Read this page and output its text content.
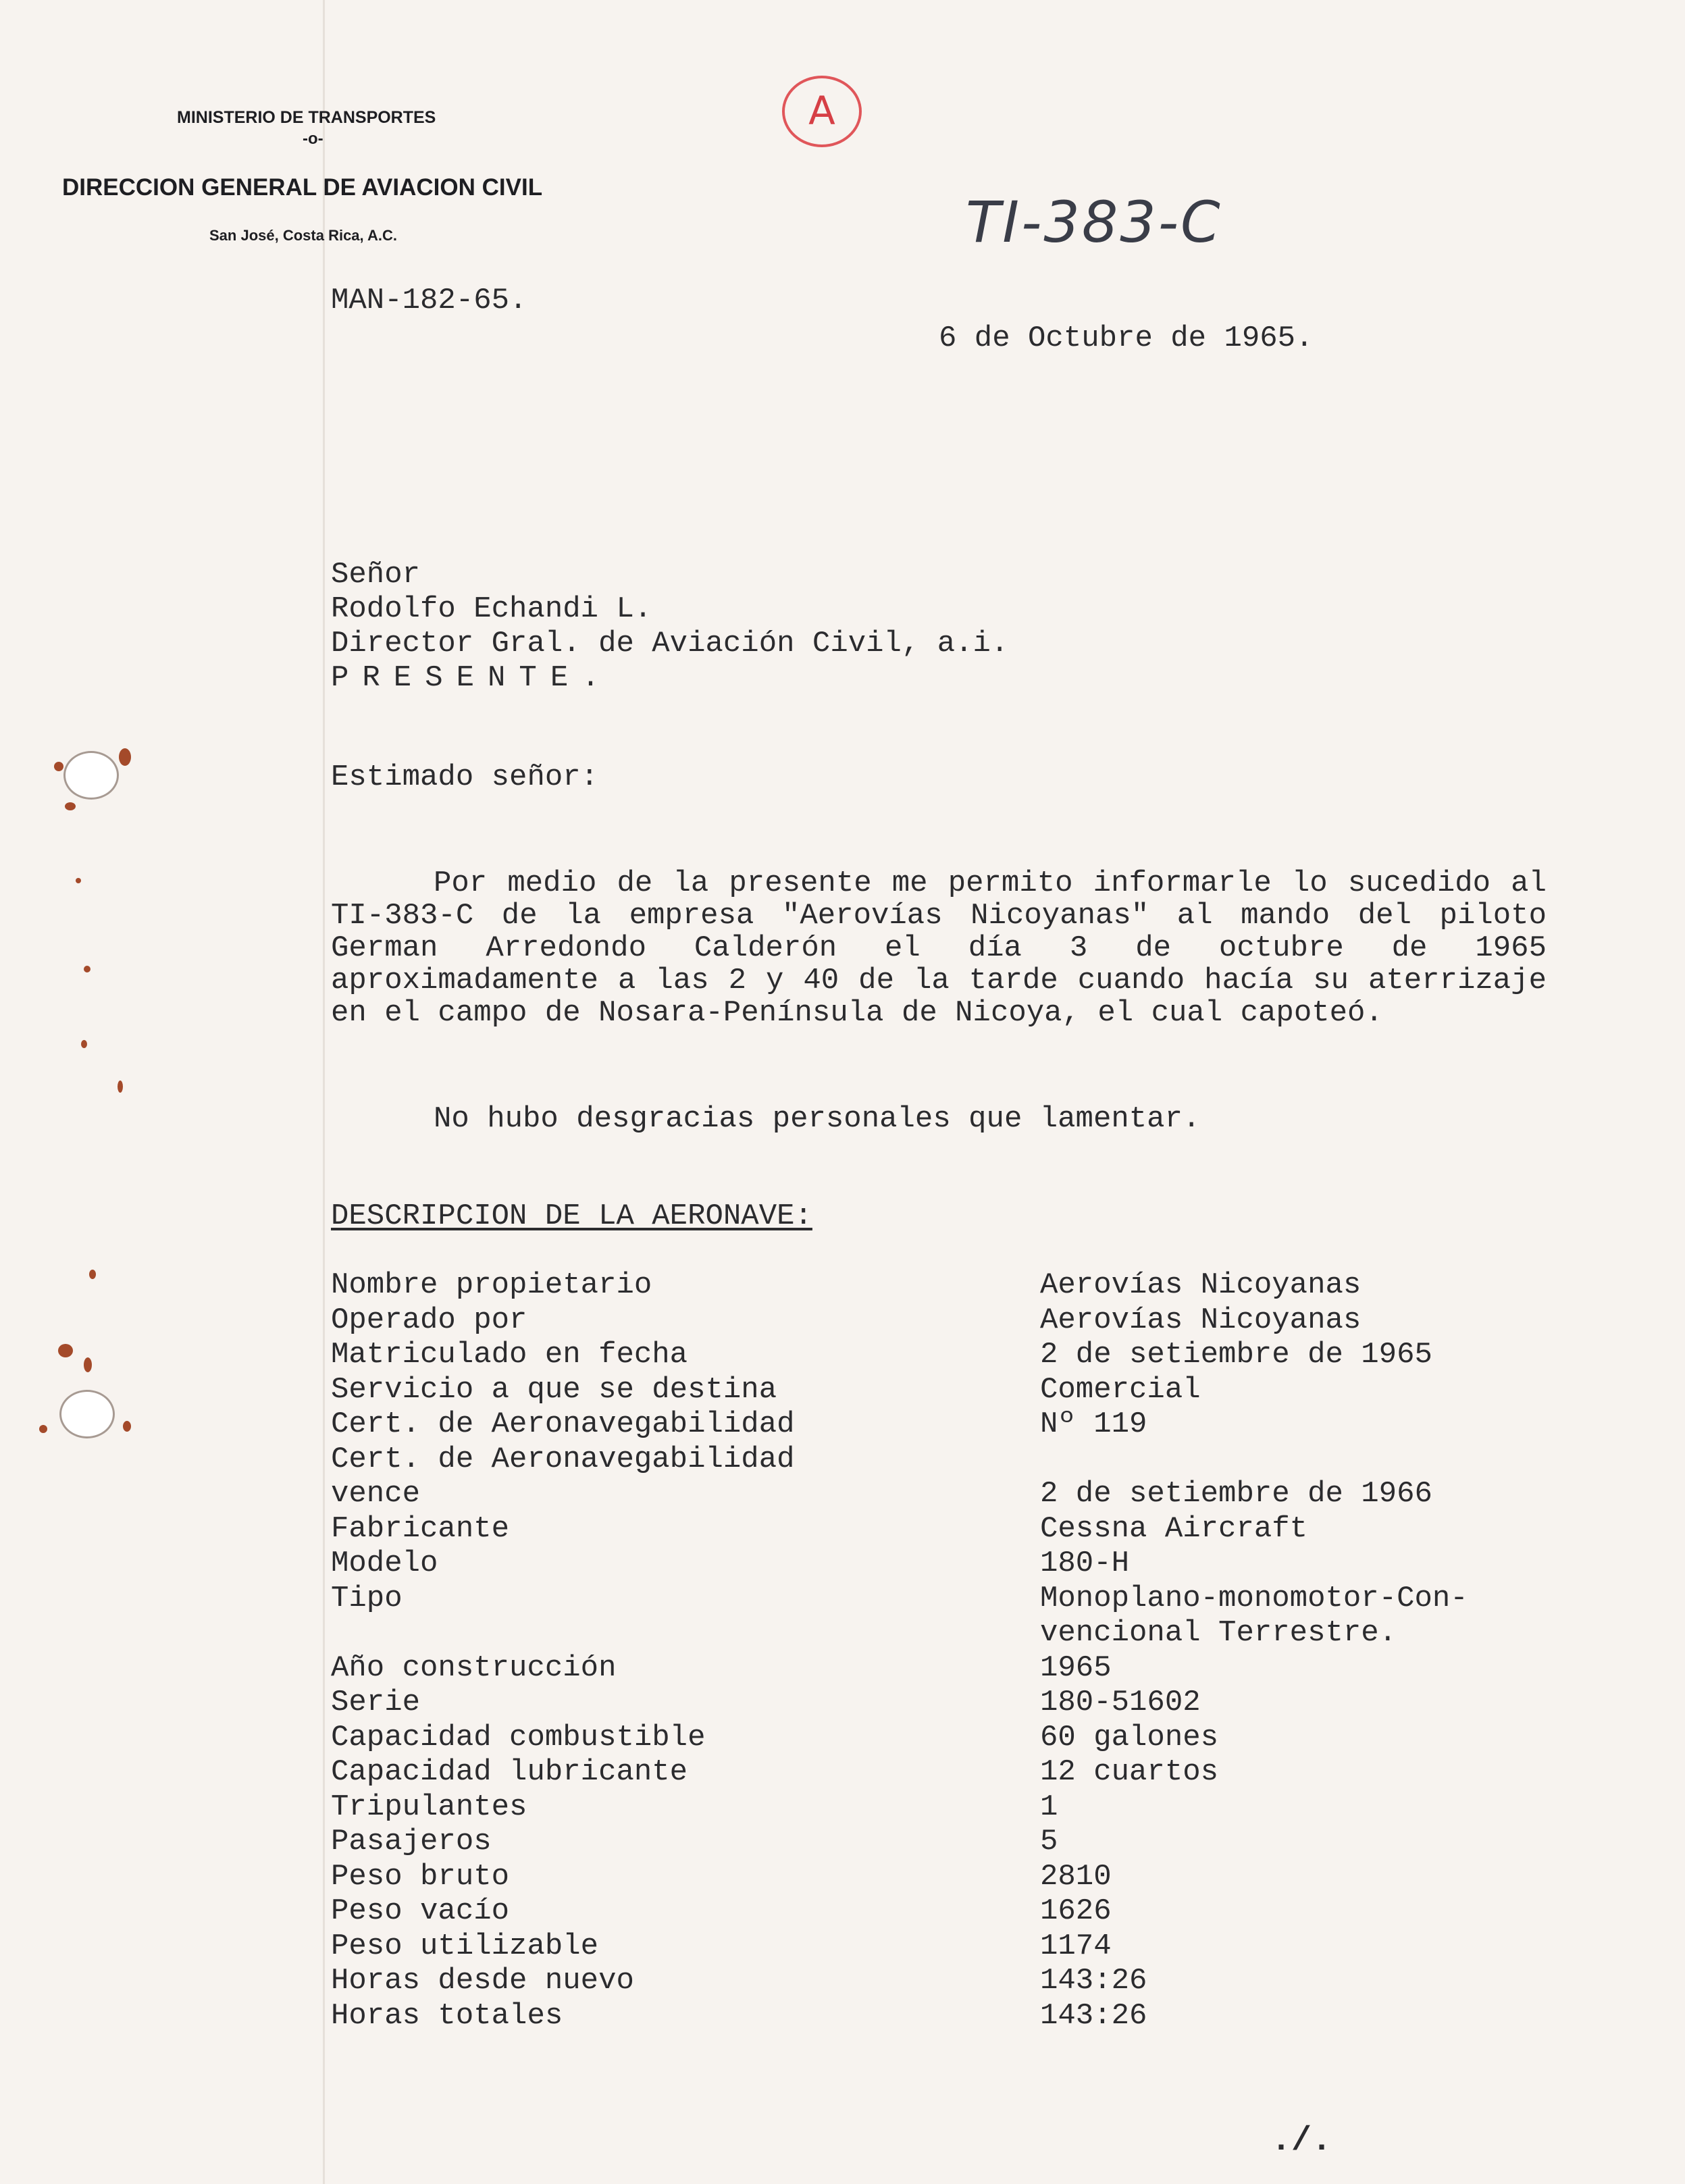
MINISTERIO DE TRANSPORTES
-o-
DIRECCION GENERAL DE AVIACION CIVIL
San José, Costa Rica, A.C.
A
TI-383-C
MAN-182-65.
6 de Octubre de 1965.
Señor
Rodolfo Echandi L.
Director Gral. de Aviación Civil, a.i.
PRESENTE.
Estimado señor:

Por medio de la presente me permito informarle lo sucedido al TI-383-C de la empresa "Aerovías Nicoyanas" al mando del piloto German Arredondo Calderón el día 3 de octubre de 1965 aproximadamente a las 2 y 40 de la tarde cuando hacía su aterrizaje en el campo de Nosara-Península de Nicoya, el cual capoteó.

No hubo desgracias personales que lamentar.
DESCRIPCION DE LA AERONAVE:
Nombre propietario
Operado por
Matriculado en fecha
Servicio a que se destina
Cert. de Aeronavegabilidad
Cert. de Aeronavegabilidad
vence
Fabricante
Modelo
Tipo
Año construcción
Serie
Capacidad combustible
Capacidad lubricante
Tripulantes
Pasajeros
Peso bruto
Peso vacío
Peso utilizable
Horas desde nuevo
Horas totales
Aerovías Nicoyanas
Aerovías Nicoyanas
2 de setiembre de 1965
Comercial
Nº 119
2 de setiembre de 1966
Cessna Aircraft
180-H
Monoplano-monomotor-Con-
vencional Terrestre.
1965
180-51602
60 galones
12 cuartos
1
5
2810
1626
1174
143:26
143:26
./.
